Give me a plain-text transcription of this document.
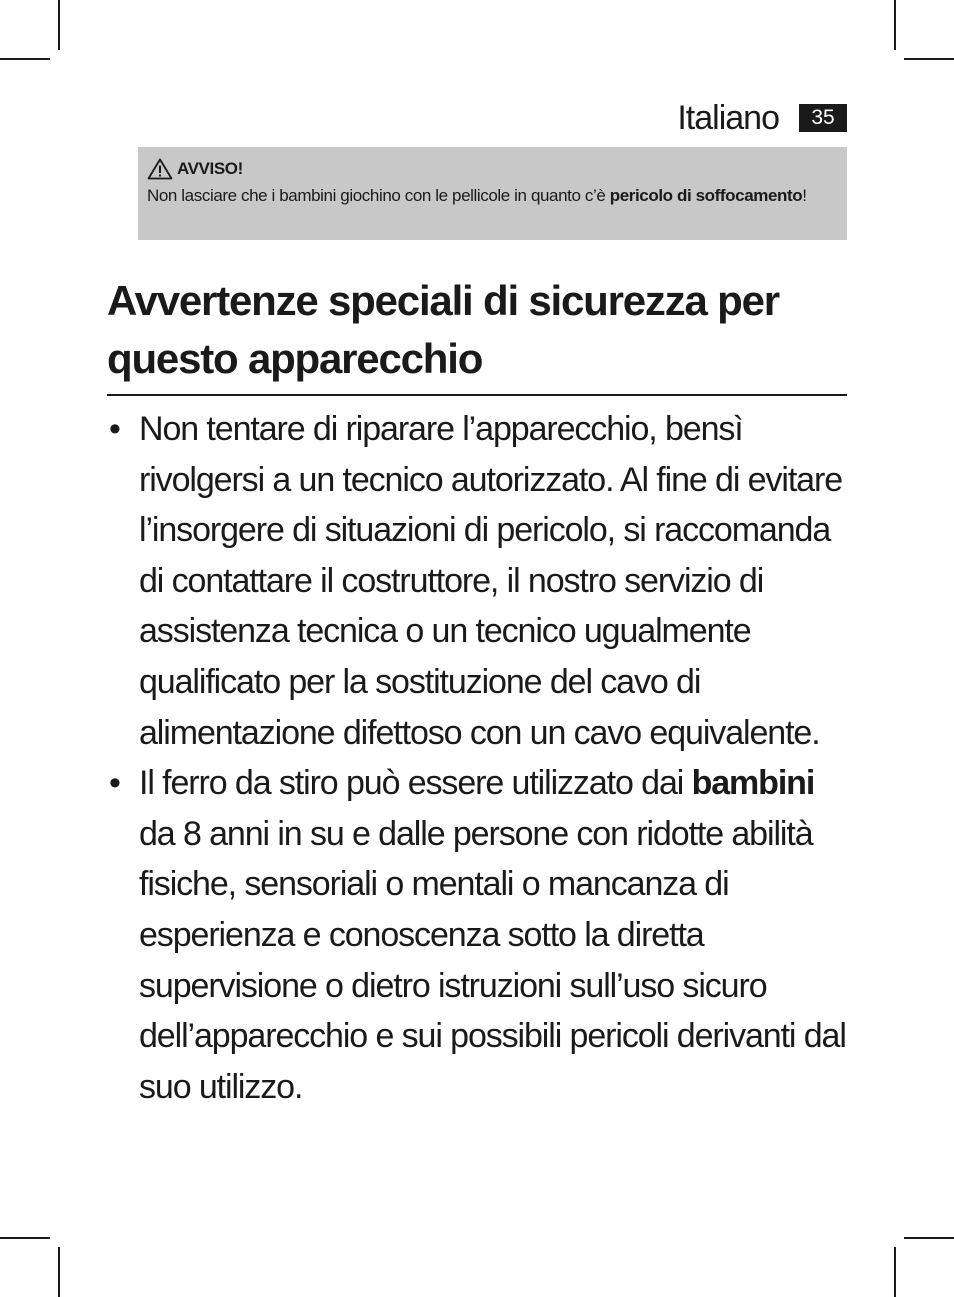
Italiano	35
AVVISO!
Non lasciare che i bambini giochino con le pellicole in quanto c’è pericolo di soffocamento!
Avvertenze speciali di sicurezza per questo apparecchio
• Non tentare di riparare l’apparecchio, bensì rivolgersi a un tecnico autorizzato. Al fine di evitare l’insorgere di situazioni di pericolo, si raccomanda di contattare il costruttore, il nostro servizio di assistenza tecnica o un tecnico ugualmente qualificato per la sostituzione del cavo di alimentazione difettoso con un cavo equivalente.
• Il ferro da stiro può essere utilizzato dai bambini da 8 anni in su e dalle persone con ridotte abilità fisiche, sensoriali o mentali o mancanza di esperienza e conoscenza sotto la diretta supervisione o dietro istruzioni sull’uso sicuro dell’apparecchio e sui possibili pericoli derivanti dal suo utilizzo.
